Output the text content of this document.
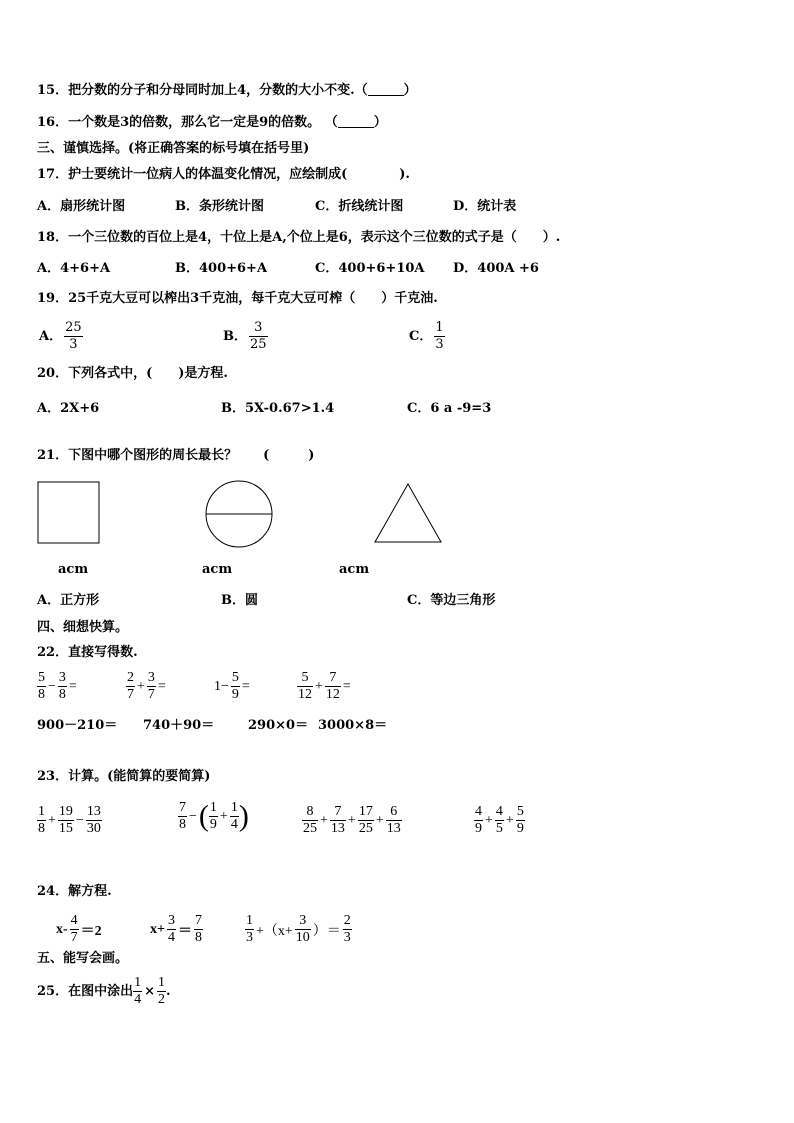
15．把分数的分子和分母同时加上4，分数的大小不变.（	）
16．一个数是3的倍数，那么它一定是9的倍数。 （	）
三、谨慎选择。(将正确答案的标号填在括号里)
17．护士要统计一位病人的体温变化情况，应绘制成(　　　　).
A．扇形统计图	B．条形统计图	C．折线统计图	D．统计表
18．一个三位数的百位上是4，十位上是A,个位上是6，表示这个三位数的式子是（　　）.
A．4+6+A	B．400+6+A	C．400+6+10A D．400A +6
19．25千克大豆可以榨出3千克油，每千克大豆可榨（　　）千克油.
A． $\frac{25}{3}$	B． $\frac{3}{25}$	C． $\frac{1}{3}$
20．下列各式中，(　　)是方程.
A．2X+6	B．5X-0.67>1.4	C．6 a -9=3
21．下图中哪个图形的周长最长？　　(　　　)
acm	acm	acm
A．正方形	B．圆	C．等边三角形
四、细想快算。
22．直接写得数.
$\frac{5}{8} - \frac{3}{8}$ =	$\frac{2}{7} + \frac{3}{7}$ =	$1- \frac{5}{9}$ =	$\frac{5}{12} + \frac{7}{12}$ =
900－210＝ 740＋90＝	290×0＝ 3000×8＝
23．计算。(能简算的要简算)
$\frac{1}{8} + \frac{19}{15} - \frac{13}{30}$	$\frac{7}{8}$ −( $\frac{1}{9} + \frac{1}{4}$ )	$\frac{8}{25} + \frac{7}{13} + \frac{17}{25} + \frac{6}{13}$	$\frac{4}{9} + \frac{4}{5} + \frac{5}{9}$
24．解方程.
$x- \frac{4}{7} =2$	$x+ \frac{3}{4} = \frac{7}{8}$	$\frac{1}{3} +(x+ \frac{3}{10}$ ）＝ $\frac{2}{3}$
五、能写会画。
25．在图中涂出 $\frac{1}{4} \times \frac{1}{2}$ .
